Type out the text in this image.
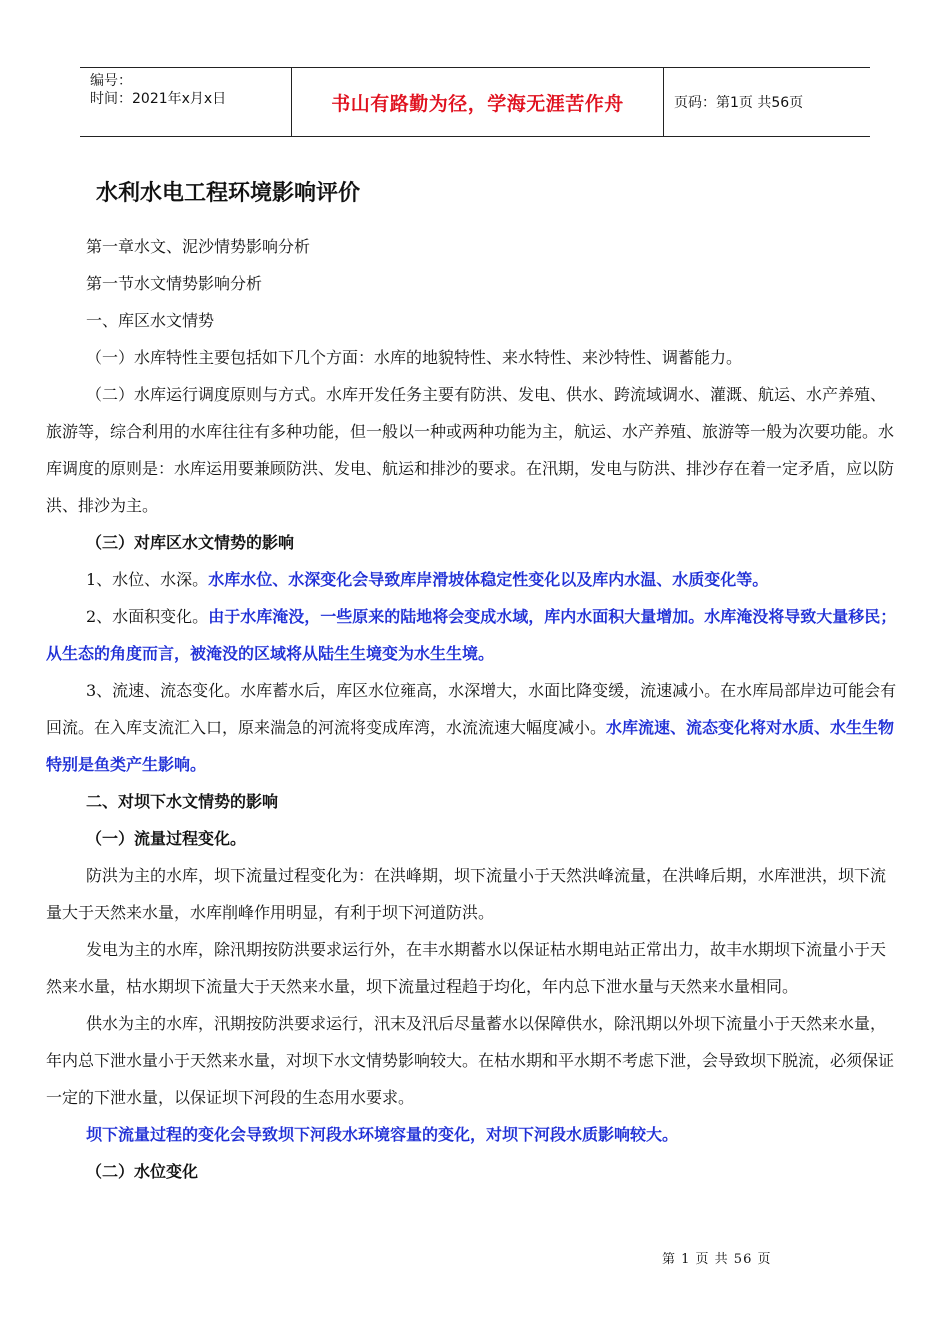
编号：
时间：2021年x月x日	书山有路勤为径，学海无涯苦作舟	页码：第1页 共56页
水利水电工程环境影响评价

第一章水文、泥沙情势影响分析

第一节水文情势影响分析

一、库区水文情势

（一）水库特性主要包括如下几个方面：水库的地貌特性、来水特性、来沙特性、调蓄能力。

（二）水库运行调度原则与方式。水库开发任务主要有防洪、发电、供水、跨流域调水、灌溉、航运、水产养殖、旅游等，综合利用的水库往往有多种功能，但一般以一种或两种功能为主，航运、水产养殖、旅游等一般为次要功能。水库调度的原则是：水库运用要兼顾防洪、发电、航运和排沙的要求。在汛期，发电与防洪、排沙存在着一定矛盾，应以防洪、排沙为主。

（三）对库区水文情势的影响

1、水位、水深。水库水位、水深变化会导致库岸滑坡体稳定性变化以及库内水温、水质变化等。

2、水面积变化。由于水库淹没，一些原来的陆地将会变成水域，库内水面积大量增加。水库淹没将导致大量移民；从生态的角度而言，被淹没的区域将从陆生生境变为水生生境。

3、流速、流态变化。水库蓄水后，库区水位雍高，水深增大，水面比降变缓，流速减小。在水库局部岸边可能会有回流。在入库支流汇入口，原来湍急的河流将变成库湾，水流流速大幅度减小。水库流速、流态变化将对水质、水生生物特别是鱼类产生影响。

二、对坝下水文情势的影响

（一）流量过程变化。

防洪为主的水库，坝下流量过程变化为：在洪峰期，坝下流量小于天然洪峰流量，在洪峰后期，水库泄洪，坝下流量大于天然来水量，水库削峰作用明显，有利于坝下河道防洪。

发电为主的水库，除汛期按防洪要求运行外，在丰水期蓄水以保证枯水期电站正常出力，故丰水期坝下流量小于天然来水量，枯水期坝下流量大于天然来水量，坝下流量过程趋于均化，年内总下泄水量与天然来水量相同。

供水为主的水库，汛期按防洪要求运行，汛末及汛后尽量蓄水以保障供水，除汛期以外坝下流量小于天然来水量，年内总下泄水量小于天然来水量，对坝下水文情势影响较大。在枯水期和平水期不考虑下泄，会导致坝下脱流，必须保证一定的下泄水量，以保证坝下河段的生态用水要求。

坝下流量过程的变化会导致坝下河段水环境容量的变化，对坝下河段水质影响较大。

（二）水位变化

第 1 页 共 56 页
